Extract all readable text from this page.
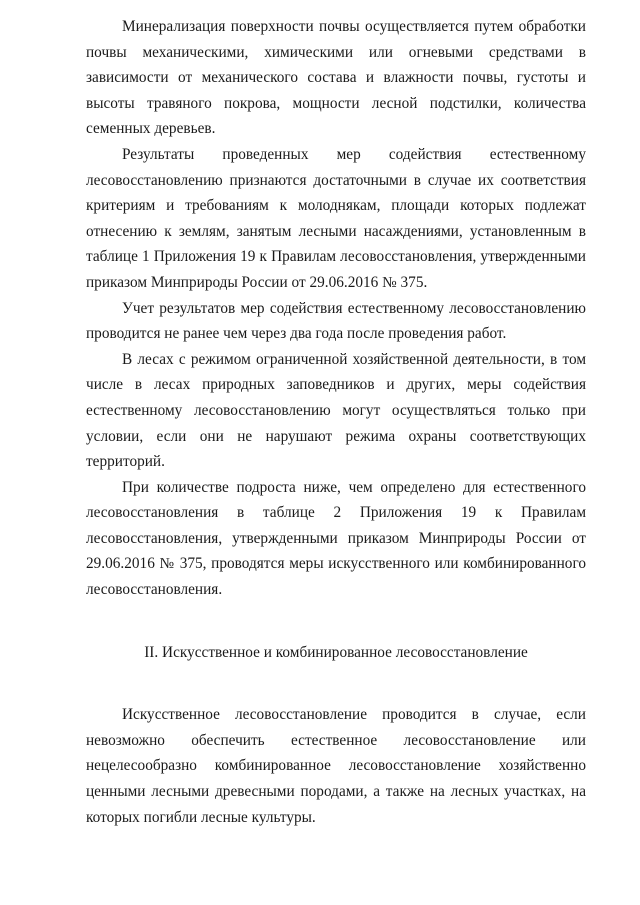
Минерализация поверхности почвы осуществляется путем обработки почвы механическими, химическими или огневыми средствами в зависимости от механического состава и влажности почвы, густоты и высоты травяного покрова, мощности лесной подстилки, количества семенных деревьев.

Результаты проведенных мер содействия естественному лесовосстановлению признаются достаточными в случае их соответствия критериям и требованиям к молоднякам, площади которых подлежат отнесению к землям, занятым лесными насаждениями, установленным в таблице 1 Приложения 19 к Правилам лесовосстановления, утвержденными приказом Минприроды России от 29.06.2016 № 375.

Учет результатов мер содействия естественному лесовосстановлению проводится не ранее чем через два года после проведения работ.

В лесах с режимом ограниченной хозяйственной деятельности, в том числе в лесах природных заповедников и других, меры содействия естественному лесовосстановлению могут осуществляться только при условии, если они не нарушают режима охраны соответствующих территорий.

При количестве подроста ниже, чем определено для естественного лесовосстановления в таблице 2 Приложения 19 к Правилам лесовосстановления, утвержденными приказом Минприроды России от 29.06.2016 № 375, проводятся меры искусственного или комбинированного лесовосстановления.

II. Искусственное и комбинированное лесовосстановление

Искусственное лесовосстановление проводится в случае, если невозможно обеспечить естественное лесовосстановление или нецелесообразно комбинированное лесовосстановление хозяйственно ценными лесными древесными породами, а также на лесных участках, на которых погибли лесные культуры.
